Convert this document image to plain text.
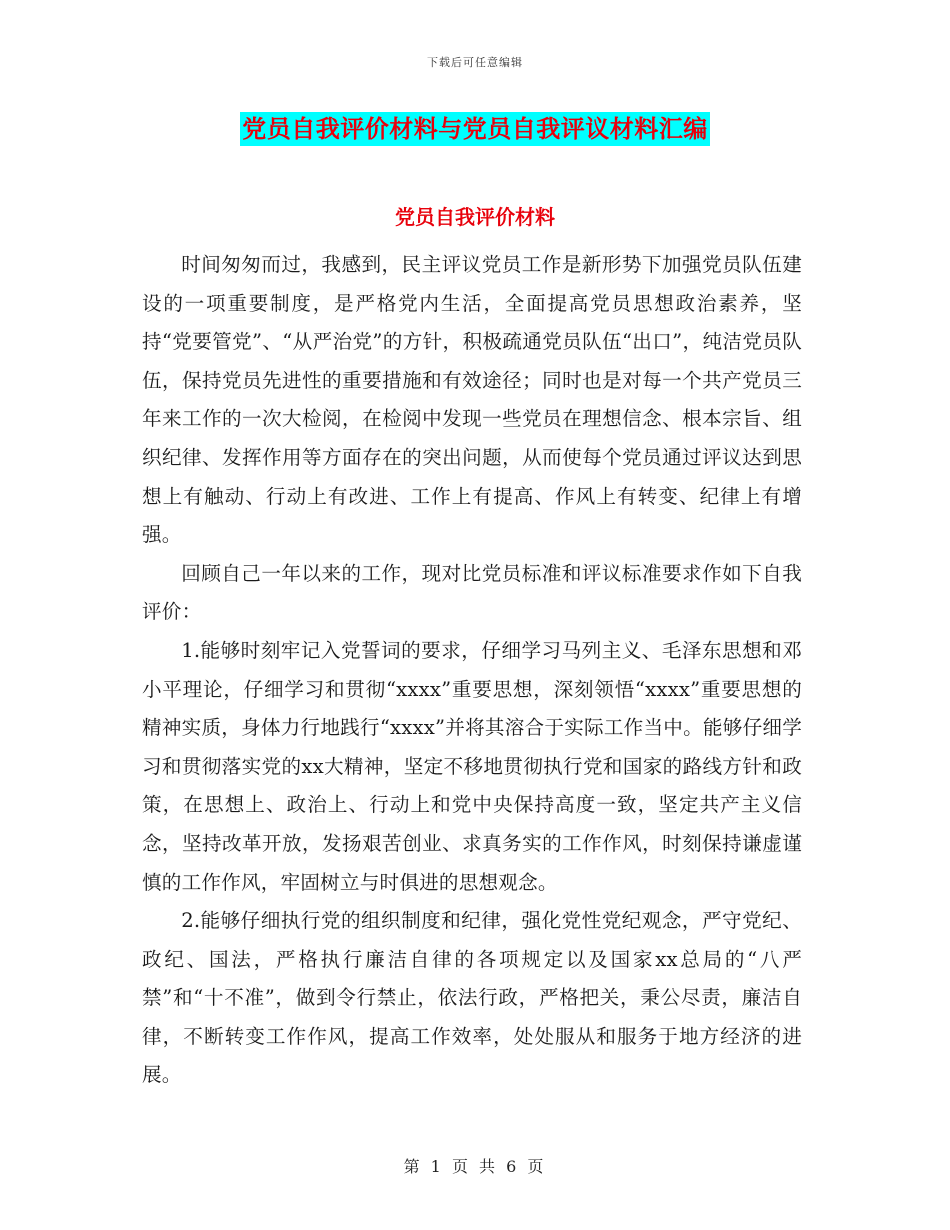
下载后可任意编辑
党员自我评价材料与党员自我评议材料汇编
党员自我评价材料

时间匆匆而过，我感到，民主评议党员工作是新形势下加强党员队伍建设的一项重要制度，是严格党内生活，全面提高党员思想政治素养，坚持“党要管党”、“从严治党”的方针，积极疏通党员队伍“出口”，纯洁党员队伍，保持党员先进性的重要措施和有效途径；同时也是对每一个共产党员三年来工作的一次大检阅，在检阅中发现一些党员在理想信念、根本宗旨、组织纪律、发挥作用等方面存在的突出问题，从而使每个党员通过评议达到思想上有触动、行动上有改进、工作上有提高、作风上有转变、纪律上有增强。

回顾自己一年以来的工作，现对比党员标准和评议标准要求作如下自我评价：

1.能够时刻牢记入党誓词的要求，仔细学习马列主义、毛泽东思想和邓小平理论，仔细学习和贯彻“xxxx”重要思想，深刻领悟“xxxx”重要思想的精神实质，身体力行地践行“xxxx”并将其溶合于实际工作当中。能够仔细学习和贯彻落实党的xx大精神，坚定不移地贯彻执行党和国家的路线方针和政策，在思想上、政治上、行动上和党中央保持高度一致，坚定共产主义信念，坚持改革开放，发扬艰苦创业、求真务实的工作作风，时刻保持谦虚谨慎的工作作风，牢固树立与时俱进的思想观念。

2.能够仔细执行党的组织制度和纪律，强化党性党纪观念，严守党纪、政纪、国法，严格执行廉洁自律的各项规定以及国家xx总局的“八严禁”和“十不准”，做到令行禁止，依法行政，严格把关，秉公尽责，廉洁自律，不断转变工作作风，提高工作效率，处处服从和服务于地方经济的进展。

第 1 页 共 6 页
